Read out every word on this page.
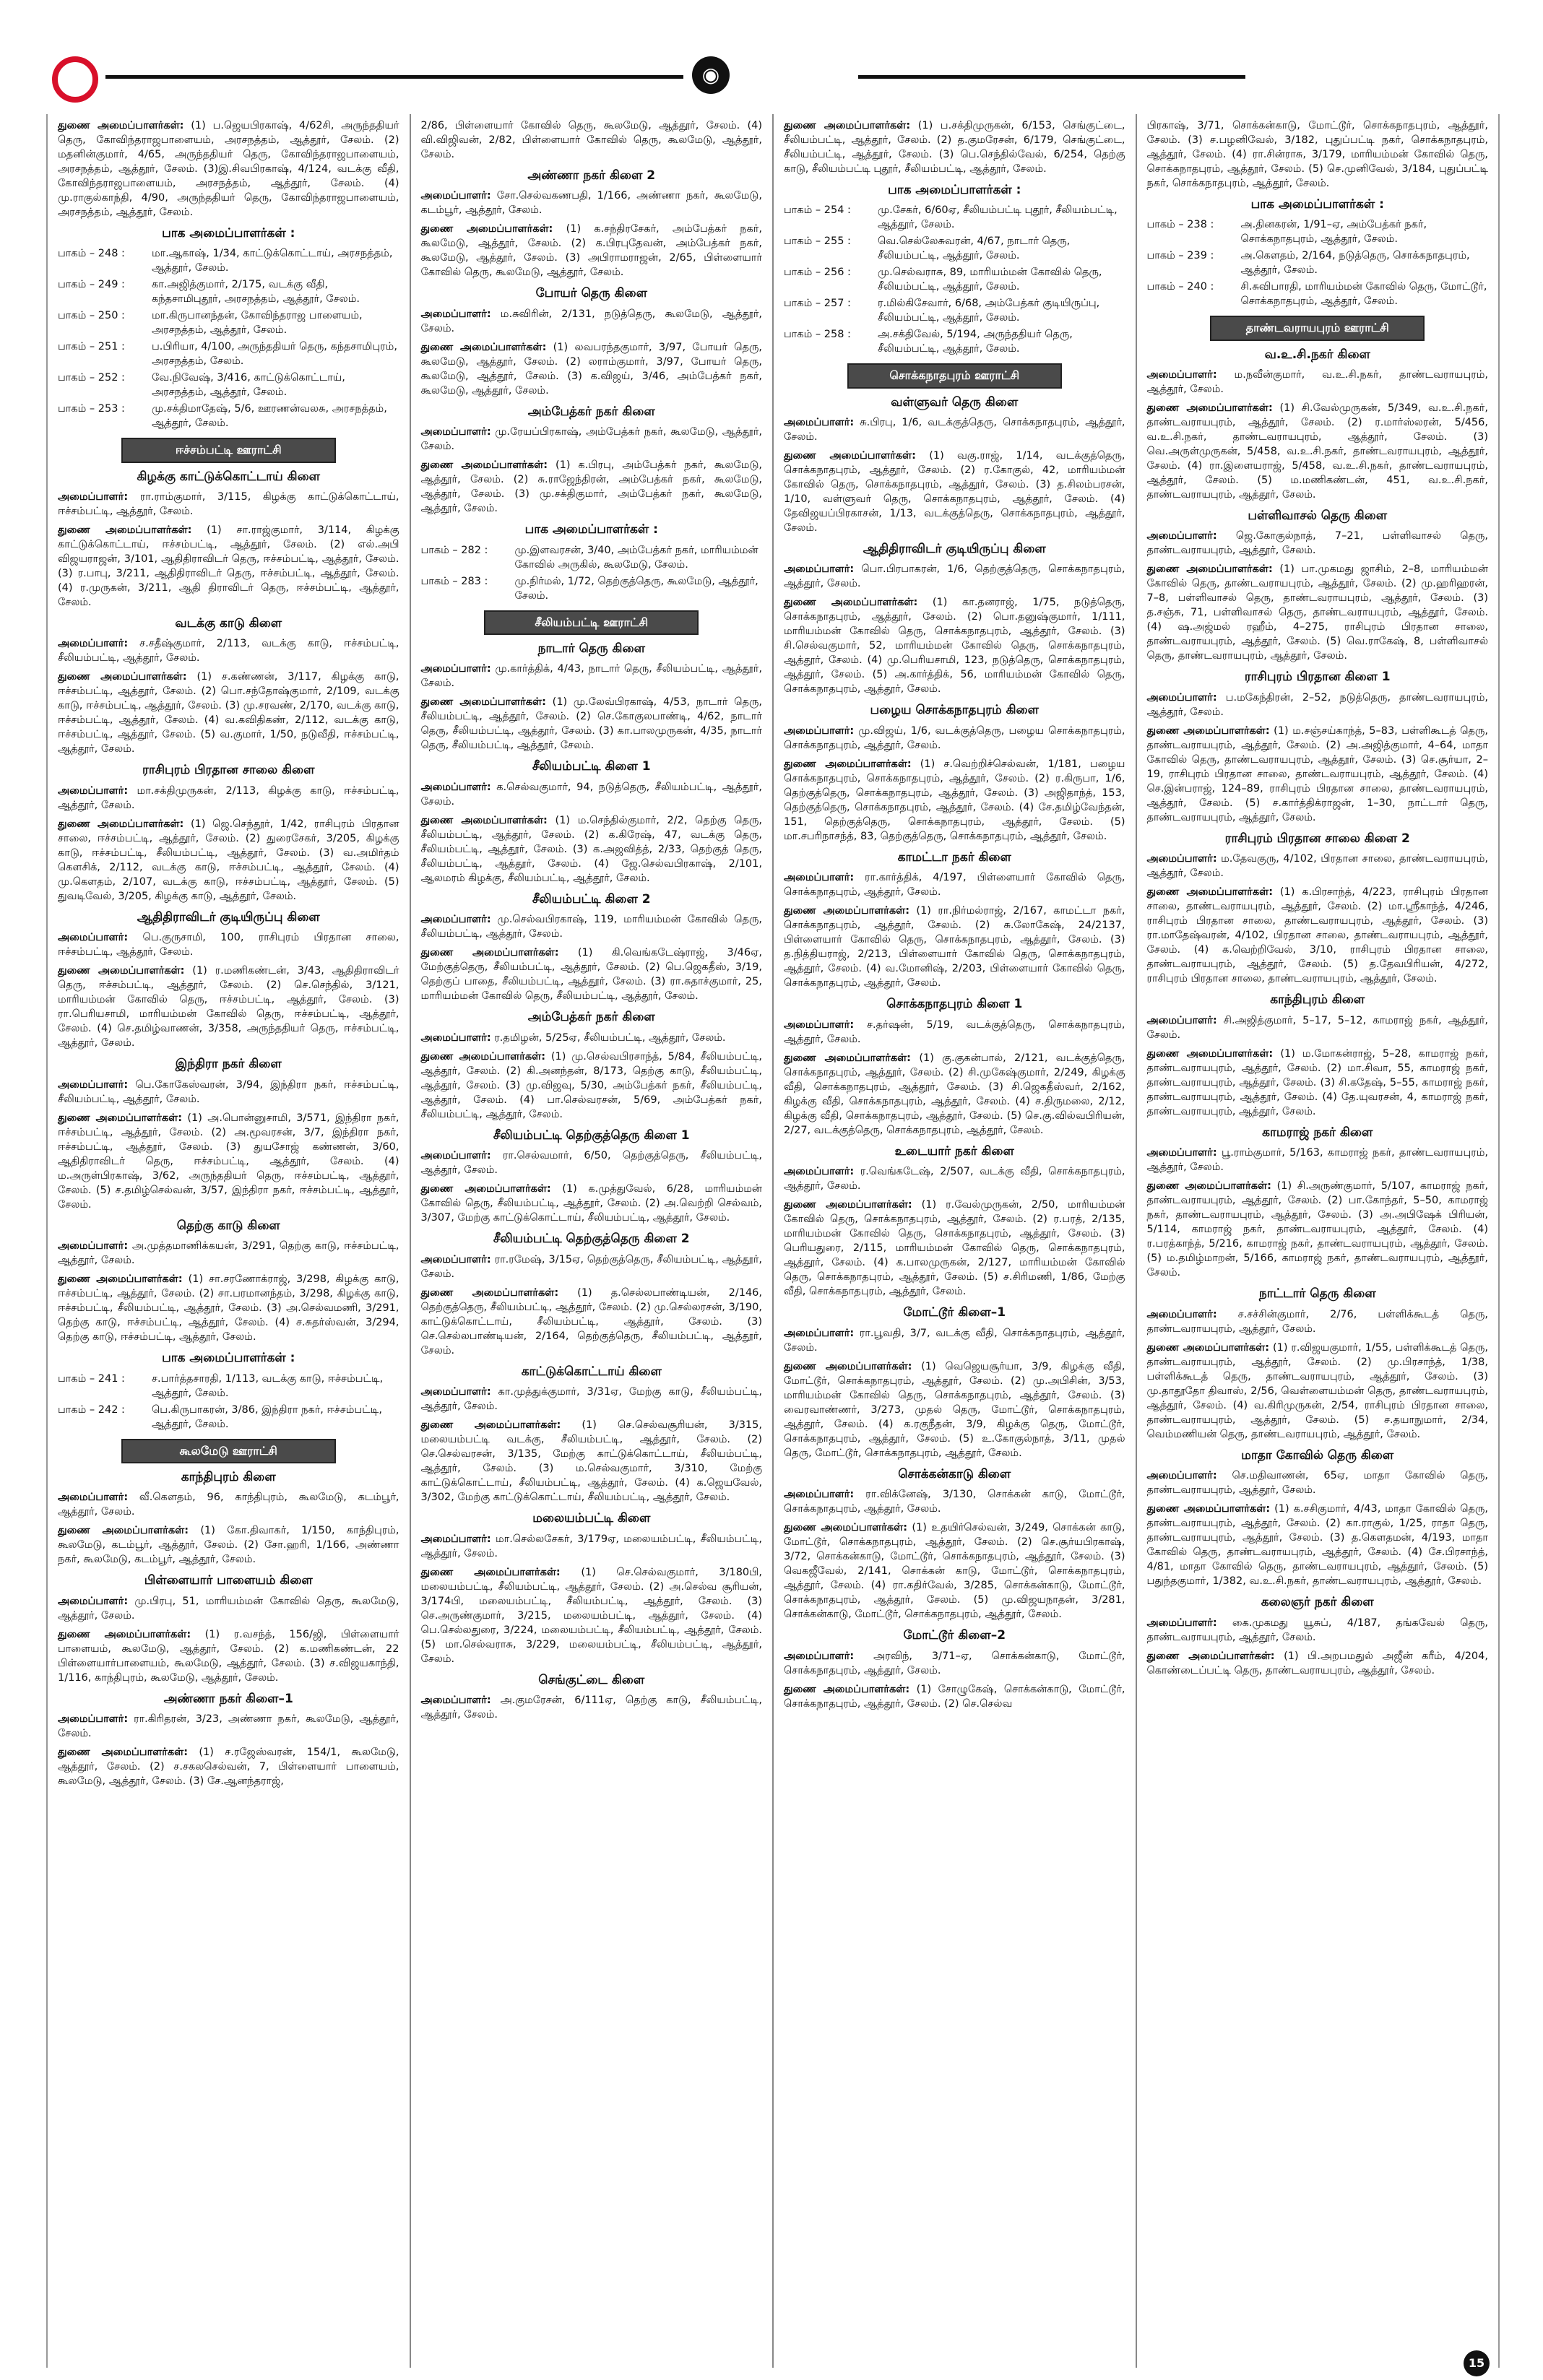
◉

துணை அமைப்பாளர்கள்: (1) ப.ஜெயபிரகாஷ், 4/62சி, அருந்ததியர் தெரு, கோவிந்தராஜபாளையம், அரசநத்தம், ஆத்தூர், சேலம். (2) மதனின்குமார், 4/65, அருந்ததியர் தெரு, கோவிந்தராஜபாளையம், அரசநத்தம், ஆத்தூர், சேலம். (3)இ.சிவபிரகாஷ், 4/124, வடக்கு வீதி, கோவிந்தராஜபாளையம், அரசநத்தம், ஆத்தூர், சேலம். (4) மு.ராகுல்காந்தி, 4/90, அருந்ததியர் தெரு, கோவிந்தராஜபாளையம், அரசநத்தம், ஆத்தூர், சேலம்.

பாக அமைப்பாளர்கள் :
பாகம் – 248 :	மா.ஆகாஷ், 1/34, காட்டுக்கொட்டாய், அரசநத்தம், ஆத்தூர், சேலம்.
பாகம் – 249 :	கா.அஜித்குமார், 2/175, வடக்கு வீதி, கந்தசாமிபுதூர், அரசநத்தம், ஆத்தூர், சேலம்.
பாகம் – 250 :	மா.கிருபானந்தன், கோவிந்தராஜ பாளையம், அரசநத்தம், ஆத்தூர், சேலம்.
பாகம் – 251 :	ப.பிரியா, 4/100, அருந்ததியர் தெரு, கந்தசாமிபுரம், அரசநத்தம், சேலம்.
பாகம் – 252 :	வே.நிவேஷ், 3/416, காட்டுக்கொட்டாய், அரசநத்தம், ஆத்தூர், சேலம்.
பாகம் – 253 :	மு.சக்திமாதேஷ், 5/6, ஊரணன்வலசு, அரசநத்தம், ஆத்தூர், சேலம்.
ஈச்சம்பட்டி ஊராட்சி
கிழக்கு காட்டுக்கொட்டாய் கிளை

அமைப்பாளர்: ரா.ராம்குமார், 3/115, கிழக்கு காட்டுக்கொட்டாய், ஈச்சம்பட்டி, ஆத்தூர், சேலம்.

துணை அமைப்பாளர்கள்: (1) சா.ராஜ்குமார், 3/114, கிழக்கு காட்டுக்கொட்டாய், ஈச்சம்பட்டி, ஆத்தூர், சேலம். (2) எல்.அபி விஜயராஜன், 3/101, ஆதிதிராவிடர் தெரு, ஈச்சம்பட்டி, ஆத்தூர், சேலம். (3) ர.பாபு, 3/211, ஆதிதிராவிடர் தெரு, ஈச்சம்பட்டி, ஆத்தூர், சேலம். (4) ர.முருகன், 3/211, ஆதி திராவிடர் தெரு, ஈச்சம்பட்டி, ஆத்தூர், சேலம்.

வடக்கு காடு கிளை

அமைப்பாளர்: ச.சதீஷ்குமார், 2/113, வடக்கு காடு, ஈச்சம்பட்டி, சீலியம்பட்டி, ஆத்தூர், சேலம்.

துணை அமைப்பாளர்கள்: (1) ச.கண்ணன், 3/117, கிழக்கு காடு, ஈச்சம்பட்டி, ஆத்தூர், சேலம். (2) பொ.சந்தோஷ்குமார், 2/109, வடக்கு காடு, ஈச்சம்பட்டி, ஆத்தூர், சேலம். (3) மு.சரவண், 2/170, வடக்கு காடு, ஈச்சம்பட்டி, ஆத்தூர், சேலம். (4) வ.கவிதிகண், 2/112, வடக்கு காடு, ஈச்சம்பட்டி, ஆத்தூர், சேலம். (5) வ.குமார், 1/50, நடுவீதி, ஈச்சம்பட்டி, ஆத்தூர், சேலம்.

ராசிபுரம் பிரதான சாலை கிளை

அமைப்பாளர்: மா.சக்திமுருகன், 2/113, கிழக்கு காடு, ஈச்சம்பட்டி, ஆத்தூர், சேலம்.

துணை அமைப்பாளர்கள்: (1) ஜெ.செந்தூர், 1/42, ராசிபுரம் பிரதான சாலை, ஈச்சம்பட்டி, ஆத்தூர், சேலம். (2) துரைசேகர், 3/205, கிழக்கு காடு, ஈச்சம்பட்டி, சீலியம்பட்டி, ஆத்தூர், சேலம். (3) வ.அமிர்தம் கௌசிக், 2/112, வடக்கு காடு, ஈச்சம்பட்டி, ஆத்தூர், சேலம். (4) மு.கௌதம், 2/107, வடக்கு காடு, ஈச்சம்பட்டி, ஆத்தூர், சேலம். (5) துவடிவேல், 3/205, கிழக்கு காடு, ஆத்தூர், சேலம்.

ஆதிதிராவிடர் குடியிருப்பு கிளை

அமைப்பாளர்: பெ.குருசாமி, 100, ராசிபுரம் பிரதான சாலை, ஈச்சம்பட்டி, ஆத்தூர், சேலம்.

துணை அமைப்பாளர்கள்: (1) ர.மணிகண்டன், 3/43, ஆதிதிராவிடர் தெரு, ஈச்சம்பட்டி, ஆத்தூர், சேலம். (2) செ.செந்தில், 3/121, மாரியம்மன் கோவில் தெரு, ஈச்சம்பட்டி, ஆத்தூர், சேலம். (3) ரா.பெரியசாமி, மாரியம்மன் கோவில் தெரு, ஈச்சம்பட்டி, ஆத்தூர், சேலம். (4) செ.தமிழ்வாணன், 3/358, அருந்ததியர் தெரு, ஈச்சம்பட்டி, ஆத்தூர், சேலம்.

இந்திரா நகர் கிளை

அமைப்பாளர்: பெ.கோகேஸ்வரன், 3/94, இந்திரா நகர், ஈச்சம்பட்டி, சீலியம்பட்டி, ஆத்தூர், சேலம்.

துணை அமைப்பாளர்கள்: (1) அ.பொன்னுசாமி, 3/571, இந்திரா நகர், ஈச்சம்பட்டி, ஆத்தூர், சேலம். (2) அ.மூவரசன், 3/7, இந்திரா நகர், ஈச்சம்பட்டி, ஆத்தூர், சேலம். (3) துயசோஜ் கண்ணன், 3/60, ஆதிதிராவிடர் தெரு, ஈச்சம்பட்டி, ஆத்தூர், சேலம். (4) ம.அருள்பிரகாஷ், 3/62, அருந்ததியர் தெரு, ஈச்சம்பட்டி, ஆத்தூர், சேலம். (5) ச.தமிழ்செல்வன், 3/57, இந்திரா நகர், ஈச்சம்பட்டி, ஆத்தூர், சேலம்.

தெற்கு காடு கிளை

அமைப்பாளர்: அ.முத்தமாணிக்கயன், 3/291, தெற்கு காடு, ஈச்சம்பட்டி, ஆத்தூர், சேலம்.

துணை அமைப்பாளர்கள்: (1) சா.சரணோக்ராஜ், 3/298, கிழக்கு காடு, ஈச்சம்பட்டி, ஆத்தூர், சேலம். (2) சா.பரமானந்தம், 3/298, கிழக்கு காடு, ஈச்சம்பட்டி, சீலியம்பட்டி, ஆத்தூர், சேலம். (3) அ.செல்வமணி, 3/291, தெற்கு காடு, ஈச்சம்பட்டி, ஆத்தூர், சேலம். (4) ச.சுதர்ஸ்வன், 3/294, தெற்கு காடு, ஈச்சம்பட்டி, ஆத்தூர், சேலம்.

பாக அமைப்பாளர்கள் :
பாகம் – 241 :	ச.பார்த்தசாரதி, 1/113, வடக்கு காடு, ஈச்சம்பட்டி, ஆத்தூர், சேலம்.
பாகம் – 242 :	பெ.கிருபாகரன், 3/86, இந்திரா நகர், ஈச்சம்பட்டி, ஆத்தூர், சேலம்.
கூலமேடு ஊராட்சி
காந்திபுரம் கிளை

அமைப்பாளர்: வீ.கௌதம், 96, காந்திபுரம், கூலமேடு, கடம்பூர், ஆத்தூர், சேலம்.

துணை அமைப்பாளர்கள்: (1) கோ.திவாகர், 1/150, காந்திபுரம், கூலமேடு, கடம்பூர், ஆத்தூர், சேலம். (2) சோ.ஹரி, 1/166, அண்ணா நகர், கூலமேடு, கடம்பூர், ஆத்தூர், சேலம்.

பிள்ளையார் பாளையம் கிளை

அமைப்பாளர்: மு.பிரபு, 51, மாரியம்மன் கோவில் தெரு, கூலமேடு, ஆத்தூர், சேலம்.

துணை அமைப்பாளர்கள்: (1) ர.வசந்த், 156/ஜி, பிள்ளையார் பாளையம், கூலமேடு, ஆத்தூர், சேலம். (2) க.மணிகண்டன், 22 பிள்ளையார்பாளையம், கூலமேடு, ஆத்தூர், சேலம். (3) ச.விஜயகாந்தி, 1/116, காந்திபுரம், கூலமேடு, ஆத்தூர், சேலம்.

அண்ணா நகர் கிளை–1

அமைப்பாளர்: ரா.கிரிதரன், 3/23, அண்ணா நகர், கூலமேடு, ஆத்தூர், சேலம்.

துணை அமைப்பாளர்கள்: (1) ச.ரஜேஸ்வரன், 154/1, கூலமேடு, ஆத்தூர், சேலம். (2) ச.சகலசெல்வன், 7, பிள்ளையார் பாளையம், கூலமேடு, ஆத்தூர், சேலம். (3) சே.ஆனந்தராஜ்,

2/86, பிள்ளையார் கோவில் தெரு, கூலமேடு, ஆத்தூர், சேலம். (4) வி.விஜிவன், 2/82, பிள்ளையார் கோவில் தெரு, கூலமேடு, ஆத்தூர், சேலம்.

அண்ணா நகர் கிளை 2

அமைப்பாளர்: சோ.செல்வகணபதி, 1/166, அண்ணா நகர், கூலமேடு, கடம்பூர், ஆத்தூர், சேலம்.

துணை அமைப்பாளர்கள்: (1) க.சந்திரசேகர், அம்பேத்கர் நகர், கூலமேடு, ஆத்தூர், சேலம். (2) க.பிரபுதேவன், அம்பேத்கர் நகர், கூலமேடு, ஆத்தூர், சேலம். (3) அபிராமராஜன், 2/65, பிள்ளையார் கோவில் தெரு, கூலமேடு, ஆத்தூர், சேலம்.

போயர் தெரு கிளை

அமைப்பாளர்: ம.சுவிரின், 2/131, நடுத்தெரு, கூலமேடு, ஆத்தூர், சேலம்.

துணை அமைப்பாளர்கள்: (1) லவபரந்தகுமார், 3/97, போயர் தெரு, கூலமேடு, ஆத்தூர், சேலம். (2) லராம்குமார், 3/97, போயர் தெரு, கூலமேடு, ஆத்தூர், சேலம். (3) க.விஜய், 3/46, அம்பேத்கர் நகர், கூலமேடு, ஆத்தூர், சேலம்.

அம்பேத்கர் நகர் கிளை

அமைப்பாளர்: மு.ரேயப்பிரகாஷ், அம்பேத்கர் நகர், கூலமேடு, ஆத்தூர், சேலம்.

துணை அமைப்பாளர்கள்: (1) க.பிரபு, அம்பேத்கர் நகர், கூலமேடு, ஆத்தூர், சேலம். (2) சு.ராஜேந்திரன், அம்பேத்கர் நகர், கூலமேடு, ஆத்தூர், சேலம். (3) மு.சக்திகுமார், அம்பேத்கர் நகர், கூலமேடு, ஆத்தூர், சேலம்.

பாக அமைப்பாளர்கள் :
பாகம் – 282 :	மு.இளவரசன், 3/40, அம்பேத்கர் நகர், மாரியம்மன் கோவில் அருகில், கூலமேடு, சேலம்.
பாகம் – 283 :	மு.நிர்மல், 1/72, தெற்குத்தெரு, கூலமேடு, ஆத்தூர், சேலம்.
சீலியம்பட்டி ஊராட்சி
நாடார் தெரு கிளை

அமைப்பாளர்: மு.கார்த்திக், 4/43, நாடார் தெரு, சீலியம்பட்டி, ஆத்தூர், சேலம்.

துணை அமைப்பாளர்கள்: (1) மு.லேவ்பிரகாஷ், 4/53, நாடார் தெரு, சீலியம்பட்டி, ஆத்தூர், சேலம். (2) செ.கோகுலபாண்டி, 4/62, நாடார் தெரு, சீலியம்பட்டி, ஆத்தூர், சேலம். (3) கா.பாலமுருகன், 4/35, நாடார் தெரு, சீலியம்பட்டி, ஆத்தூர், சேலம்.

சீலியம்பட்டி கிளை 1

அமைப்பாளர்: க.செல்வகுமார், 94, நடுத்தெரு, சீலியம்பட்டி, ஆத்தூர், சேலம்.

துணை அமைப்பாளர்கள்: (1) ம.செந்தில்குமார், 2/2, தெற்கு தெரு, சீலியம்பட்டி, ஆத்தூர், சேலம். (2) க.கிரேஷ், 47, வடக்கு தெரு, சீலியம்பட்டி, ஆத்தூர், சேலம். (3) க.அஜவித்த், 2/33, தெற்குத் தெரு, சீலியம்பட்டி, ஆத்தூர், சேலம். (4) ஜே.செல்வபிரகாஷ், 2/101, ஆலமரம் கிழக்கு, சீலியம்பட்டி, ஆத்தூர், சேலம்.

சீலியம்பட்டி கிளை 2

அமைப்பாளர்: மு.செல்வபிரகாஷ், 119, மாரியம்மன் கோவில் தெரு, சீலியம்பட்டி, ஆத்தூர், சேலம்.

துணை அமைப்பாளர்கள்: (1) கி.வெங்கடேஷ்ராஜ், 3/46ஏ, மேற்குத்தெரு, சீலியம்பட்டி, ஆத்தூர், சேலம். (2) பெ.ஜெகதீஸ், 3/19, தெற்குப் பாதை, சீலியம்பட்டி, ஆத்தூர், சேலம். (3) ரா.சுதாச்குமார், 25, மாரியம்மன் கோவில் தெரு, சீலியம்பட்டி, ஆத்தூர், சேலம்.

அம்பேத்கர் நகர் கிளை

அமைப்பாளர்: ர.தமிழன், 5/25ஏ, சீலியம்பட்டி, ஆத்தூர், சேலம்.

துணை அமைப்பாளர்கள்: (1) மு.செல்வபிரசாந்த், 5/84, சீலியம்பட்டி, ஆத்தூர், சேலம். (2) கி.அனந்தன், 8/173, தெற்கு காடு, சீலியம்பட்டி, ஆத்தூர், சேலம். (3) மு.விஜவு, 5/30, அம்பேத்கர் நகர், சீலியம்பட்டி, ஆத்தூர், சேலம். (4) பா.செல்வரசன், 5/69, அம்பேத்கர் நகர், சீலியம்பட்டி, ஆத்தூர், சேலம்.

சீலியம்பட்டி தெற்குத்தெரு கிளை 1

அமைப்பாளர்: ரா.செல்வமார், 6/50, தெற்குத்தெரு, சீலியம்பட்டி, ஆத்தூர், சேலம்.

துணை அமைப்பாளர்கள்: (1) க.முத்துவேல், 6/28, மாரியம்மன் கோவில் தெரு, சீலியம்பட்டி, ஆத்தூர், சேலம். (2) அ.வெற்றி செல்வம், 3/307, மேற்கு காட்டுக்கொட்டாய், சீலியம்பட்டி, ஆத்தூர், சேலம்.

சீலியம்பட்டி தெற்குத்தெரு கிளை 2

அமைப்பாளர்: ரா.ரமேஷ், 3/15ஏ, தெற்குத்தெரு, சீலியம்பட்டி, ஆத்தூர், சேலம்.

துணை அமைப்பாளர்கள்: (1) த.செல்லபாண்டியன், 2/146, தெற்குத்தெரு, சீலியம்பட்டி, ஆத்தூர், சேலம். (2) மு.செல்லரசன், 3/190, காட்டுக்கொட்டாய், சீலியம்பட்டி, ஆத்தூர், சேலம். (3) செ.செல்லபாண்டியன், 2/164, தெற்குத்தெரு, சீலியம்பட்டி, ஆத்தூர், சேலம்.

காட்டுக்கொட்டாய் கிளை

அமைப்பாளர்: கா.முத்துக்குமார், 3/31ஏ, மேற்கு காடு, சீலியம்பட்டி, ஆத்தூர், சேலம்.

துணை அமைப்பாளர்கள்: (1) செ.செல்வசூரியன், 3/315, மலையம்பட்டி வடக்கு, சீலியம்பட்டி, ஆத்தூர், சேலம். (2) செ.செல்வரசன், 3/135, மேற்கு காட்டுக்கொட்டாய், சீலியம்பட்டி, ஆத்தூர், சேலம். (3) ம.செல்வகுமார், 3/310, மேற்கு காட்டுக்கொட்டாய், சீலியம்பட்டி, ஆத்தூர், சேலம். (4) க.ஜெயவேல், 3/302, மேற்கு காட்டுக்கொட்டாய், சீலியம்பட்டி, ஆத்தூர், சேலம்.

மலையம்பட்டி கிளை

அமைப்பாளர்: மா.செல்லசேகர், 3/179ஏ, மலையம்பட்டி, சீலியம்பட்டி, ஆத்தூர், சேலம்.

துணை அமைப்பாளர்கள்: (1) செ.செல்வகுமார், 3/180பி, மலையம்பட்டி, சீலியம்பட்டி, ஆத்தூர், சேலம். (2) அ.செல்வ சூரியன், 3/174பி, மலையம்பட்டி, சீலியம்பட்டி, ஆத்தூர், சேலம். (3) செ.அருண்குமார், 3/215, மலையம்பட்டி, ஆத்தூர், சேலம். (4) பெ.செல்லதுரை, 3/224, மலையம்பட்டி, சீலியம்பட்டி, ஆத்தூர், சேலம். (5) மா.செல்வராசு, 3/229, மலையம்பட்டி, சீலியம்பட்டி, ஆத்தூர், சேலம்.

செங்குட்டை கிளை

அமைப்பாளர்: அ.குமரேசன், 6/111ஏ, தெற்கு காடு, சீலியம்பட்டி, ஆத்தூர், சேலம்.

துணை அமைப்பாளர்கள்: (1) ப.சக்திமுருகன், 6/153, செங்குட்டை, சீலியம்பட்டி, ஆத்தூர், சேலம். (2) த.குமரேசன், 6/179, செங்குட்டை, சீலியம்பட்டி, ஆத்தூர், சேலம். (3) பெ.செந்தில்வேல், 6/254, தெற்கு காடு, சீலியம்பட்டி புதூர், சீலியம்பட்டி, ஆத்தூர், சேலம்.

பாக அமைப்பாளர்கள் :
பாகம் – 254 :	மு.சேகர், 6/60ஏ, சீலியம்பட்டி புதூர், சீலியம்பட்டி, ஆத்தூர், சேலம்.
பாகம் – 255 :	வெ.செல்லேசுவரன், 4/67, நாடார் தெரு, சீலியம்பட்டி, ஆத்தூர், சேலம்.
பாகம் – 256 :	மு.செல்வராசு, 89, மாரியம்மன் கோவில் தெரு, சீலியம்பட்டி, ஆத்தூர், சேலம்.
பாகம் – 257 :	ர.மில்கிசேவார், 6/68, அம்பேத்கர் குடியிருப்பு, சீலியம்பட்டி, ஆத்தூர், சேலம்.
பாகம் – 258 :	அ.சக்திவேல், 5/194, அருந்ததியர் தெரு, சீலியம்பட்டி, ஆத்தூர், சேலம்.
சொக்கநாதபுரம் ஊராட்சி
வள்ளுவர் தெரு கிளை

அமைப்பாளர்: சு.பிரபு, 1/6, வடக்குத்தெரு, சொக்கநாதபுரம், ஆத்தூர், சேலம்.

துணை அமைப்பாளர்கள்: (1) வகு.ராஜ், 1/14, வடக்குத்தெரு, சொக்கநாதபுரம், ஆத்தூர், சேலம். (2) ர.கோகுல், 42, மாரியம்மன் கோவில் தெரு, சொக்கநாதபுரம், ஆத்தூர், சேலம். (3) த.சிலம்பரசன், 1/10, வள்ளுவர் தெரு, சொக்கநாதபுரம், ஆத்தூர், சேலம். (4) தேவிஜயப்பிரகாசன், 1/13, வடக்குத்தெரு, சொக்கநாதபுரம், ஆத்தூர், சேலம்.

ஆதிதிராவிடர் குடியிருப்பு கிளை

அமைப்பாளர்: பொ.பிரபாகரன், 1/6, தெற்குத்தெரு, சொக்கநாதபுரம், ஆத்தூர், சேலம்.

துணை அமைப்பாளர்கள்: (1) கா.தனராஜ், 1/75, நடுத்தெரு, சொக்கநாதபுரம், ஆத்தூர், சேலம். (2) பொ.தனுஷ்குமார், 1/111, மாரியம்மன் கோவில் தெரு, சொக்கநாதபுரம், ஆத்தூர், சேலம். (3) சி.செல்வகுமார், 52, மாரியம்மன் கோவில் தெரு, சொக்கநாதபுரம், ஆத்தூர், சேலம். (4) மு.பெரியசாமி, 123, நடுத்தெரு, சொக்கநாதபுரம், ஆத்தூர், சேலம். (5) அ.கார்த்திக், 56, மாரியம்மன் கோவில் தெரு, சொக்கநாதபுரம், ஆத்தூர், சேலம்.

பழைய சொக்கநாதபுரம் கிளை

அமைப்பாளர்: மு.விஜய், 1/6, வடக்குத்தெரு, பழைய சொக்கநாதபுரம், சொக்கநாதபுரம், ஆத்தூர், சேலம்.

துணை அமைப்பாளர்கள்: (1) ச.வெற்றிச்செல்வன், 1/181, பழைய சொக்கநாதபுரம், சொக்கநாதபுரம், ஆத்தூர், சேலம். (2) ர.கிருபா, 1/6, தெற்குத்தெரு, சொக்கநாதபுரம், ஆத்தூர், சேலம். (3) அஜிதாந்த், 153, தெற்குத்தெரு, சொக்கநாதபுரம், ஆத்தூர், சேலம். (4) சே.தமிழ்வேந்தன், 151, தெற்குத்தெரு, சொக்கநாதபுரம், ஆத்தூர், சேலம். (5) மா.சபரிநாசந்த், 83, தெற்குத்தெரு, சொக்கநாதபுரம், ஆத்தூர், சேலம்.

காமட்டா நகர் கிளை

அமைப்பாளர்: ரா.கார்த்திக், 4/197, பிள்ளையார் கோவில் தெரு, சொக்கநாதபுரம், ஆத்தூர், சேலம்.

துணை அமைப்பாளர்கள்: (1) ரா.நிர்மல்ராஜ், 2/167, காமட்டா நகர், சொக்கநாதபுரம், ஆத்தூர், சேலம். (2) சு.லோகேஷ், 24/2137, பிள்ளையார் கோவில் தெரு, சொக்கநாதபுரம், ஆத்தூர், சேலம். (3) த.நித்தியராஜ், 2/213, பிள்ளையார் கோவில் தெரு, சொக்கநாதபுரம், ஆத்தூர், சேலம். (4) வ.மோனிஷ், 2/203, பிள்ளையார் கோவில் தெரு, சொக்கநாதபுரம், ஆத்தூர், சேலம்.

சொக்கநாதபுரம் கிளை 1

அமைப்பாளர்: ச.தர்ஷன், 5/19, வடக்குத்தெரு, சொக்கநாதபுரம், ஆத்தூர், சேலம்.

துணை அமைப்பாளர்கள்: (1) கு.குகன்பால், 2/121, வடக்குத்தெரு, சொக்கநாதபுரம், ஆத்தூர், சேலம். (2) சி.முகேஷ்குமார், 2/249, கிழக்கு வீதி, சொக்கநாதபுரம், ஆத்தூர், சேலம். (3) சி.ஜெகதீஸ்வர், 2/162, கிழக்கு வீதி, சொக்கநாதபுரம், ஆத்தூர், சேலம். (4) ச.திருமலை, 2/12, கிழக்கு வீதி, சொக்கநாதபுரம், ஆத்தூர், சேலம். (5) செ.கு.வில்வபிரியன், 2/27, வடக்குத்தெரு, சொக்கநாதபுரம், ஆத்தூர், சேலம்.

உடையார் நகர் கிளை

அமைப்பாளர்: ர.வெங்கடேஷ், 2/507, வடக்கு வீதி, சொக்கநாதபுரம், ஆத்தூர், சேலம்.

துணை அமைப்பாளர்கள்: (1) ர.வேல்முருகன், 2/50, மாரியம்மன் கோவில் தெரு, சொக்கநாதபுரம், ஆத்தூர், சேலம். (2) ர.பரத், 2/135, மாரியம்மன் கோவில் தெரு, சொக்கநாதபுரம், ஆத்தூர், சேலம். (3) பெரியதுரை, 2/115, மாரியம்மன் கோவில் தெரு, சொக்கநாதபுரம், ஆத்தூர், சேலம். (4) க.பாலமுருகன், 2/127, மாரியம்மன் கோவில் தெரு, சொக்கநாதபுரம், ஆத்தூர், சேலம். (5) ச.சிரிமணி, 1/86, மேற்கு வீதி, சொக்கநாதபுரம், ஆத்தூர், சேலம்.

மோட்டூர் கிளை–1

அமைப்பாளர்: ரா.பூவதி, 3/7, வடக்கு வீதி, சொக்கநாதபுரம், ஆத்தூர், சேலம்.

துணை அமைப்பாளர்கள்: (1) வெஜெயசூர்யா, 3/9, கிழக்கு வீதி, மோட்டூர், சொக்கநாதபுரம், ஆத்தூர், சேலம். (2) மு.அபிசின், 3/53, மாரியம்மன் கோவில் தெரு, சொக்கநாதபுரம், ஆத்தூர், சேலம். (3) வைரவாண்ணர், 3/273, முதல் தெரு, மோட்டூர், சொக்கநாதபுரம், ஆத்தூர், சேலம். (4) க.ரகுநீதன், 3/9, கிழக்கு தெரு, மோட்டூர், சொக்கநாதபுரம், ஆத்தூர், சேலம். (5) உ.கோகுல்நாத், 3/11, முதல் தெரு, மோட்டூர், சொக்கநாதபுரம், ஆத்தூர், சேலம்.

சொக்கன்காடு கிளை

அமைப்பாளர்: ரா.விக்னேஷ், 3/130, சொக்கன் காடு, மோட்டூர், சொக்கநாதபுரம், ஆத்தூர், சேலம்.

துணை அமைப்பாளர்கள்: (1) உதயிர்செல்வன், 3/249, சொக்கன் காடு, மோட்டூர், சொக்கநாதபுரம், ஆத்தூர், சேலம். (2) செ.சூர்யபிரகாஷ், 3/72, சொக்கன்காடு, மோட்டூர், சொக்கநாதபுரம், ஆத்தூர், சேலம். (3) வெகஜீவேல், 2/141, சொக்கன் காடு, மோட்டூர், சொக்கநாதபுரம், ஆத்தூர், சேலம். (4) ரா.கதிர்வேல், 3/285, சொக்கன்காடு, மோட்டூர், சொக்கநாதபுரம், ஆத்தூர், சேலம். (5) மு.விஜயநாதன், 3/281, சொக்கன்காடு, மோட்டூர், சொக்கநாதபுரம், ஆத்தூர், சேலம்.

மோட்டூர் கிளை–2

அமைப்பாளர்: அரவிந், 3/71–ஏ, சொக்கன்காடு, மோட்டூர், சொக்கநாதபுரம், ஆத்தூர், சேலம்.

துணை அமைப்பாளர்கள்: (1) சோழுகேஷ், சொக்கன்காடு, மோட்டூர், சொக்கநாதபுரம், ஆத்தூர், சேலம். (2) செ.செல்வ

பிரகாஷ், 3/71, சொக்கன்காடு, மோட்டூர், சொக்கநாதபுரம், ஆத்தூர், சேலம். (3) ச.பழனிவேல், 3/182, புதுப்பட்டி நகர், சொக்கநாதபுரம், ஆத்தூர், சேலம். (4) ரா.சின்ராசு, 3/179, மாரியம்மன் கோவில் தெரு, சொக்கநாதபுரம், ஆத்தூர், சேலம். (5) செ.முனிவேல், 3/184, புதுப்பட்டி நகர், சொக்கநாதபுரம், ஆத்தூர், சேலம்.

பாக அமைப்பாளர்கள் :
பாகம் – 238 :	அ.தினகரன், 1/91–ஏ, அம்பேத்கர் நகர், சொக்கநாதபுரம், ஆத்தூர், சேலம்.
பாகம் – 239 :	அ.கௌதம், 2/164, நடுத்தெரு, சொக்கநாதபுரம், ஆத்தூர், சேலம்.
பாகம் – 240 :	சி.சுவிபாரதி, மாரியம்மன் கோவில் தெரு, மோட்டூர், சொக்கநாதபுரம், ஆத்தூர், சேலம்.
தாண்டவராயபுரம் ஊராட்சி
வ.உ.சி.நகர் கிளை

அமைப்பாளர்: ம.நவீன்குமார், வ.உ.சி.நகர், தாண்டவராயபுரம், ஆத்தூர், சேலம்.

துணை அமைப்பாளர்கள்: (1) சி.வேல்முருகன், 5/349, வ.உ.சி.நகர், தாண்டவராயபுரம், ஆத்தூர், சேலம். (2) ர.மார்ஸ்லரன், 5/456, வ.உ.சி.நகர், தாண்டவராயபுரம், ஆத்தூர், சேலம். (3) வெ.அருள்முருகன், 5/458, வ.உ.சி.நகர், தாண்டவராயபுரம், ஆத்தூர், சேலம். (4) ரா.இளையராஜ், 5/458, வ.உ.சி.நகர், தாண்டவராயபுரம், ஆத்தூர், சேலம். (5) ம.மணிகண்டன், 451, வ.உ.சி.நகர், தாண்டவராயபுரம், ஆத்தூர், சேலம்.

பள்ளிவாசல் தெரு கிளை

அமைப்பாளர்: ஜெ.கோகுல்நாத், 7–21, பள்ளிவாசல் தெரு, தாண்டவராயபுரம், ஆத்தூர், சேலம்.

துணை அமைப்பாளர்கள்: (1) பா.முகமது ஜாசிம், 2–8, மாரியம்மன் கோவில் தெரு, தாண்டவராயபுரம், ஆத்தூர், சேலம். (2) மு.ஹரிஹரன், 7–8, பள்ளிவாசல் தெரு, தாண்டவராயபுரம், ஆத்தூர், சேலம். (3) த.சஞ்சு, 71, பள்ளிவாசல் தெரு, தாண்டவராயபுரம், ஆத்தூர், சேலம். (4) ஷ.அஜ்மல் ரஹீம், 4–275, ராசிபுரம் பிரதான சாலை, தாண்டவராயபுரம், ஆத்தூர், சேலம். (5) வெ.ராகேஷ், 8, பள்ளிவாசல் தெரு, தாண்டவராயபுரம், ஆத்தூர், சேலம்.

ராசிபுரம் பிரதான கிளை 1

அமைப்பாளர்: ப.மகேந்திரன், 2–52, நடுத்தெரு, தாண்டவராயபுரம், ஆத்தூர், சேலம்.

துணை அமைப்பாளர்கள்: (1) ம.சஞ்சய்காந்த், 5–83, பள்ளிகூடத் தெரு, தாண்டவராயபுரம், ஆத்தூர், சேலம். (2) அ.அஜித்குமார், 4–64, மாதா கோவில் தெரு, தாண்டவராயபுரம், ஆத்தூர், சேலம். (3) செ.சூர்யா, 2–19, ராசிபுரம் பிரதான சாலை, தாண்டவராயபுரம், ஆத்தூர், சேலம். (4) செ.இன்பராஜ், 124–89, ராசிபுரம் பிரதான சாலை, தாண்டவராயபுரம், ஆத்தூர், சேலம். (5) ச.கார்த்திக்ராஜன், 1–30, நாட்டார் தெரு, தாண்டவராயபுரம், ஆத்தூர், சேலம்.

ராசிபுரம் பிரதான சாலை கிளை 2

அமைப்பாளர்: ம.தேவகுரு, 4/102, பிரதான சாலை, தாண்டவராயபுரம், ஆத்தூர், சேலம்.

துணை அமைப்பாளர்கள்: (1) க.பிரசாந்த், 4/223, ராசிபுரம் பிரதான சாலை, தாண்டவராயபுரம், ஆத்தூர், சேலம். (2) மா.ஸ்ரீகாந்த், 4/246, ராசிபுரம் பிரதான சாலை, தாண்டவராயபுரம், ஆத்தூர், சேலம். (3) ரா.மாதேஷ்வரன், 4/102, பிரதான சாலை, தாண்டவராயபுரம், ஆத்தூர், சேலம். (4) க.வெற்றிவேல், 3/10, ராசிபுரம் பிரதான சாலை, தாண்டவராயபுரம், ஆத்தூர், சேலம். (5) த.தேவபிரியன், 4/272, ராசிபுரம் பிரதான சாலை, தாண்டவராயபுரம், ஆத்தூர், சேலம்.

காந்திபுரம் கிளை

அமைப்பாளர்: சி.அஜித்குமார், 5–17, 5–12, காமராஜ் நகர், ஆத்தூர், சேலம்.

துணை அமைப்பாளர்கள்: (1) ம.மோகன்ராஜ், 5–28, காமராஜ் நகர், தாண்டவராயபுரம், ஆத்தூர், சேலம். (2) மா.சிவா, 55, காமராஜ் நகர், தாண்டவராயபுரம், ஆத்தூர், சேலம். (3) சி.கதேஷ், 5–55, காமராஜ் நகர், தாண்டவராயபுரம், ஆத்தூர், சேலம். (4) தே.யுவரசன், 4, காமராஜ் நகர், தாண்டவராயபுரம், ஆத்தூர், சேலம்.

காமராஜ் நகர் கிளை

அமைப்பாளர்: பூ.ராம்குமார், 5/163, காமராஜ் நகர், தாண்டவராயபுரம், ஆத்தூர், சேலம்.

துணை அமைப்பாளர்கள்: (1) சி.அருண்குமார், 5/107, காமராஜ் நகர், தாண்டவராயபுரம், ஆத்தூர், சேலம். (2) பா.கோந்தர், 5–50, காமராஜ் நகர், தாண்டவராயபுரம், ஆத்தூர், சேலம். (3) அ.அபிஷேக் பிரியன், 5/114, காமராஜ் நகர், தாண்டவராயபுரம், ஆத்தூர், சேலம். (4) ர.பரத்காந்த், 5/216, காமராஜ் நகர், தாண்டவராயபுரம், ஆத்தூர், சேலம். (5) ம.தமிழ்மாறன், 5/166, காமராஜ் நகர், தாண்டவராயபுரம், ஆத்தூர், சேலம்.

நாட்டார் தெரு கிளை

அமைப்பாளர்: ச.சச்சின்குமார், 2/76, பள்ளிக்கூடத் தெரு, தாண்டவராயபுரம், ஆத்தூர், சேலம்.

துணை அமைப்பாளர்கள்: (1) ர.விஜயகுமார், 1/55, பள்ளிக்கூடத் தெரு, தாண்டவராயபுரம், ஆத்தூர், சேலம். (2) மு.பிரசாந்த், 1/38, பள்ளிக்கூடத் தெரு, தாண்டவராயபுரம், ஆத்தூர், சேலம். (3) மு.தாதூதோ திவாஸ், 2/56, வெள்ளையம்மன் தெரு, தாண்டவராயபுரம், ஆத்தூர், சேலம். (4) வ.கிரிமுருகன், 2/54, ராசிபுரம் பிரதான சாலை, தாண்டவராயபுரம், ஆத்தூர், சேலம். (5) ச.தயாநுமார், 2/34, வெம்மணியன் தெரு, தாண்டவராயபுரம், ஆத்தூர், சேலம்.

மாதா கோவில் தெரு கிளை

அமைப்பாளர்: செ.மதிவாணன், 65ஏ, மாதா கோவில் தெரு, தாண்டவராயபுரம், ஆத்தூர், சேலம்.

துணை அமைப்பாளர்கள்: (1) க.சசிகுமார், 4/43, மாதா கோவில் தெரு, தாண்டவராயபுரம், ஆத்தூர், சேலம். (2) கா.ராகுல், 1/25, ராதா தெரு, தாண்டவராயபுரம், ஆத்தூர், சேலம். (3) த.கௌதமன், 4/193, மாதா கோவில் தெரு, தாண்டவராயபுரம், ஆத்தூர், சேலம். (4) சே.பிரசாந்த், 4/81, மாதா கோவில் தெரு, தாண்டவராயபுரம், ஆத்தூர், சேலம். (5) பதுந்தகுமார், 1/382, வ.உ.சி.நகர், தாண்டவராயபுரம், ஆத்தூர், சேலம்.

கலைஞர் நகர் கிளை

அமைப்பாளர்: கை.முகமது யூசுப், 4/187, தங்கவேல் தெரு, தாண்டவராயபுரம், ஆத்தூர், சேலம்.

துணை அமைப்பாளர்கள்: (1) பி.அறபமதுல் அஜீன் கரீம், 4/204, கொண்டைப்பட்டி தெரு, தாண்டவராயபுரம், ஆத்தூர், சேலம்.

15
